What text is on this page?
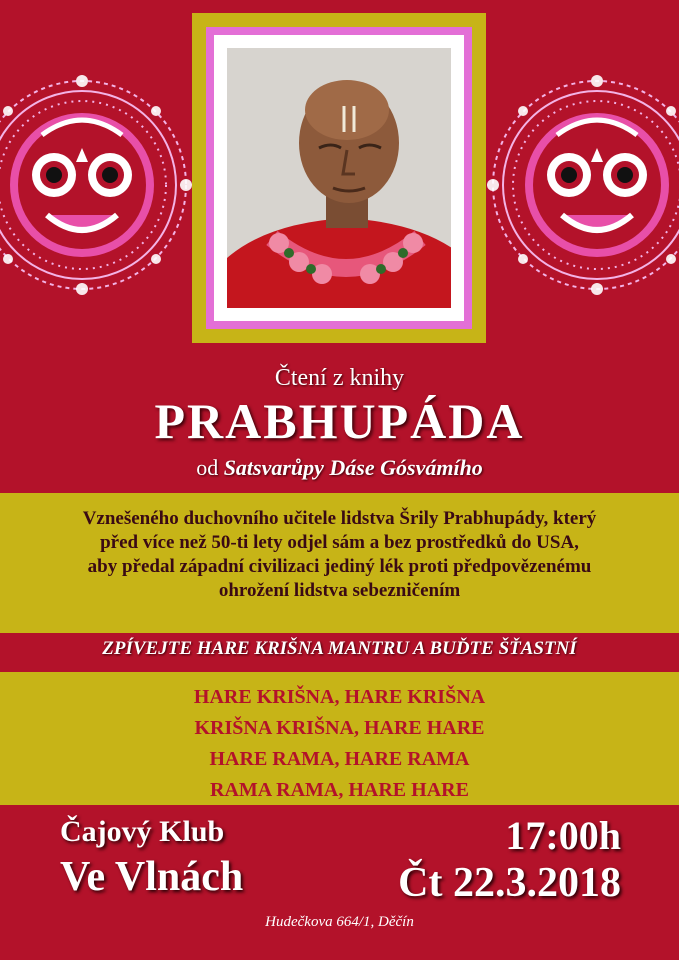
Čtení z knihy
PRABHUPÁDA
od Satsvarůpy Dáse Gósvámího
Vznešeného duchovního učitele lidstva Šrily Prabhupády, který
před více než 50-ti lety odjel sám a bez prostředků do USA,
aby předal západní civilizaci jediný lék proti předpovězenému
ohrožení lidstva sebezničením
ZPÍVEJTE HARE KRIŠNA MANTRU A BUĎTE ŠŤASTNÍ
HARE KRIŠNA, HARE KRIŠNA
KRIŠNA KRIŠNA, HARE HARE
HARE RAMA, HARE RAMA
RAMA RAMA, HARE HARE
Čajový Klub
Ve Vlnách
17:00h
Čt 22.3.2018
Hudečkova 664/1, Děčín
